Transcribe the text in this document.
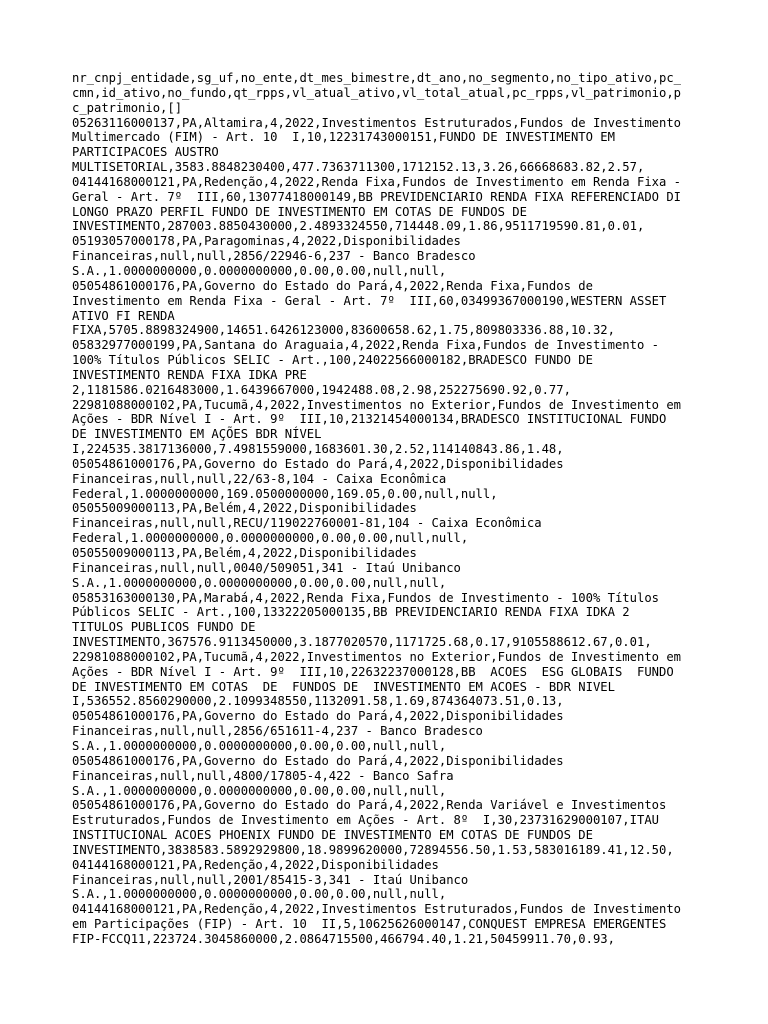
nr_cnpj_entidade,sg_uf,no_ente,dt_mes_bimestre,dt_ano,no_segmento,no_tipo_ativo,pc_
cmn,id_ativo,no_fundo,qt_rpps,vl_atual_ativo,vl_total_atual,pc_rpps,vl_patrimonio,p
c_patrimonio,[]
05263116000137,PA,Altamira,4,2022,Investimentos Estruturados,Fundos de Investimento
Multimercado (FIM) - Art. 10  I,10,12231743000151,FUNDO DE INVESTIMENTO EM
PARTICIPACOES AUSTRO
MULTISETORIAL,3583.8848230400,477.7363711300,1712152.13,3.26,66668683.82,2.57,
04144168000121,PA,Redenção,4,2022,Renda Fixa,Fundos de Investimento em Renda Fixa -
Geral - Art. 7º  III,60,13077418000149,BB PREVIDENCIARIO RENDA FIXA REFERENCIADO DI
LONGO PRAZO PERFIL FUNDO DE INVESTIMENTO EM COTAS DE FUNDOS DE
INVESTIMENTO,287003.8850430000,2.4893324550,714448.09,1.86,9511719590.81,0.01,
05193057000178,PA,Paragominas,4,2022,Disponibilidades
Financeiras,null,null,2856/22946-6,237 - Banco Bradesco
S.A.,1.0000000000,0.0000000000,0.00,0.00,null,null,
05054861000176,PA,Governo do Estado do Pará,4,2022,Renda Fixa,Fundos de
Investimento em Renda Fixa - Geral - Art. 7º  III,60,03499367000190,WESTERN ASSET
ATIVO FI RENDA
FIXA,5705.8898324900,14651.6426123000,83600658.62,1.75,809803336.88,10.32,
05832977000199,PA,Santana do Araguaia,4,2022,Renda Fixa,Fundos de Investimento -
100% Títulos Públicos SELIC - Art.,100,24022566000182,BRADESCO FUNDO DE
INVESTIMENTO RENDA FIXA IDKA PRE
2,1181586.0216483000,1.6439667000,1942488.08,2.98,252275690.92,0.77,
22981088000102,PA,Tucumã,4,2022,Investimentos no Exterior,Fundos de Investimento em
Ações - BDR Nível I - Art. 9º  III,10,21321454000134,BRADESCO INSTITUCIONAL FUNDO
DE INVESTIMENTO EM AÇÕES BDR NÍVEL
I,224535.3817136000,7.4981559000,1683601.30,2.52,114140843.86,1.48,
05054861000176,PA,Governo do Estado do Pará,4,2022,Disponibilidades
Financeiras,null,null,22/63-8,104 - Caixa Econômica
Federal,1.0000000000,169.0500000000,169.05,0.00,null,null,
05055009000113,PA,Belém,4,2022,Disponibilidades
Financeiras,null,null,RECU/119022760001-81,104 - Caixa Econômica
Federal,1.0000000000,0.0000000000,0.00,0.00,null,null,
05055009000113,PA,Belém,4,2022,Disponibilidades
Financeiras,null,null,0040/509051,341 - Itaú Unibanco
S.A.,1.0000000000,0.0000000000,0.00,0.00,null,null,
05853163000130,PA,Marabá,4,2022,Renda Fixa,Fundos de Investimento - 100% Títulos
Públicos SELIC - Art.,100,13322205000135,BB PREVIDENCIARIO RENDA FIXA IDKA 2
TITULOS PUBLICOS FUNDO DE
INVESTIMENTO,367576.9113450000,3.1877020570,1171725.68,0.17,9105588612.67,0.01,
22981088000102,PA,Tucumã,4,2022,Investimentos no Exterior,Fundos de Investimento em
Ações - BDR Nível I - Art. 9º  III,10,22632237000128,BB  ACOES  ESG GLOBAIS  FUNDO
DE INVESTIMENTO EM COTAS  DE  FUNDOS DE  INVESTIMENTO EM ACOES - BDR NIVEL
I,536552.8560290000,2.1099348550,1132091.58,1.69,874364073.51,0.13,
05054861000176,PA,Governo do Estado do Pará,4,2022,Disponibilidades
Financeiras,null,null,2856/651611-4,237 - Banco Bradesco
S.A.,1.0000000000,0.0000000000,0.00,0.00,null,null,
05054861000176,PA,Governo do Estado do Pará,4,2022,Disponibilidades
Financeiras,null,null,4800/17805-4,422 - Banco Safra
S.A.,1.0000000000,0.0000000000,0.00,0.00,null,null,
05054861000176,PA,Governo do Estado do Pará,4,2022,Renda Variável e Investimentos
Estruturados,Fundos de Investimento em Ações - Art. 8º  I,30,23731629000107,ITAU
INSTITUCIONAL ACOES PHOENIX FUNDO DE INVESTIMENTO EM COTAS DE FUNDOS DE
INVESTIMENTO,3838583.5892929800,18.9899620000,72894556.50,1.53,583016189.41,12.50,
04144168000121,PA,Redenção,4,2022,Disponibilidades
Financeiras,null,null,2001/85415-3,341 - Itaú Unibanco
S.A.,1.0000000000,0.0000000000,0.00,0.00,null,null,
04144168000121,PA,Redenção,4,2022,Investimentos Estruturados,Fundos de Investimento
em Participações (FIP) - Art. 10  II,5,10625626000147,CONQUEST EMPRESA EMERGENTES
FIP-FCCQ11,223724.3045860000,2.0864715500,466794.40,1.21,50459911.70,0.93,
